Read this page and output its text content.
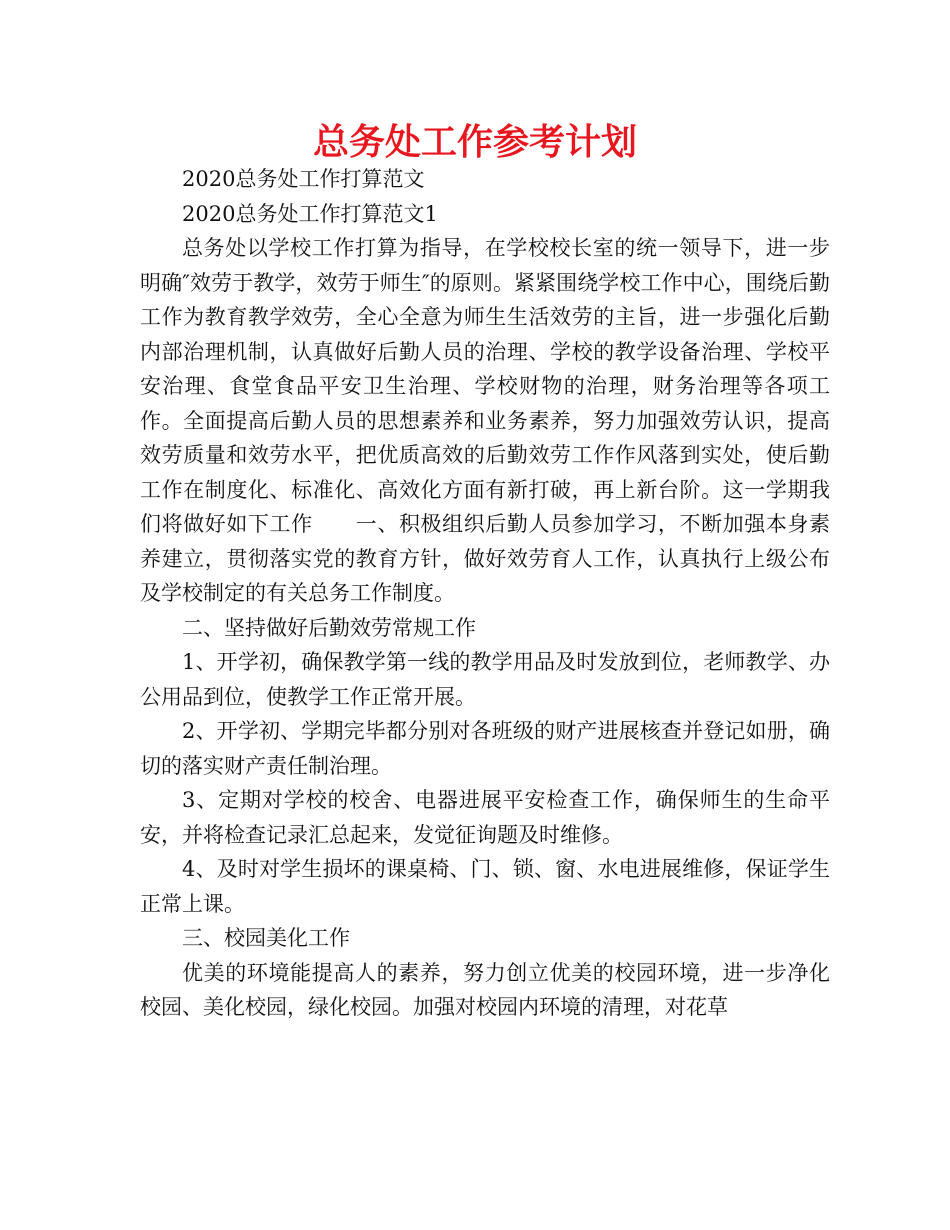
总务处工作参考计划

2020总务处工作打算范文

2020总务处工作打算范文1

总务处以学校工作打算为指导，在学校校长室的统一领导下，进一步明确″效劳于教学，效劳于师生″的原则。紧紧围绕学校工作中心，围绕后勤工作为教育教学效劳，全心全意为师生生活效劳的主旨，进一步强化后勤内部治理机制，认真做好后勤人员的治理、学校的教学设备治理、学校平安治理、食堂食品平安卫生治理、学校财物的治理，财务治理等各项工作。全面提高后勤人员的思想素养和业务素养，努力加强效劳认识，提高效劳质量和效劳水平，把优质高效的后勤效劳工作作风落到实处，使后勤工作在制度化、标准化、高效化方面有新打破，再上新台阶。这一学期我们将做好如下工作　　一、积极组织后勤人员参加学习，不断加强本身素养建立，贯彻落实党的教育方针，做好效劳育人工作，认真执行上级公布及学校制定的有关总务工作制度。

二、坚持做好后勤效劳常规工作

1、开学初，确保教学第一线的教学用品及时发放到位，老师教学、办公用品到位，使教学工作正常开展。

2、开学初、学期完毕都分别对各班级的财产进展核查并登记如册，确切的落实财产责任制治理。

3、定期对学校的校舍、电器进展平安检查工作，确保师生的生命平安，并将检查记录汇总起来，发觉征询题及时维修。

4、及时对学生损坏的课桌椅、门、锁、窗、水电进展维修，保证学生正常上课。

三、校园美化工作

优美的环境能提高人的素养，努力创立优美的校园环境，进一步净化校园、美化校园，绿化校园。加强对校园内环境的清理，对花草
